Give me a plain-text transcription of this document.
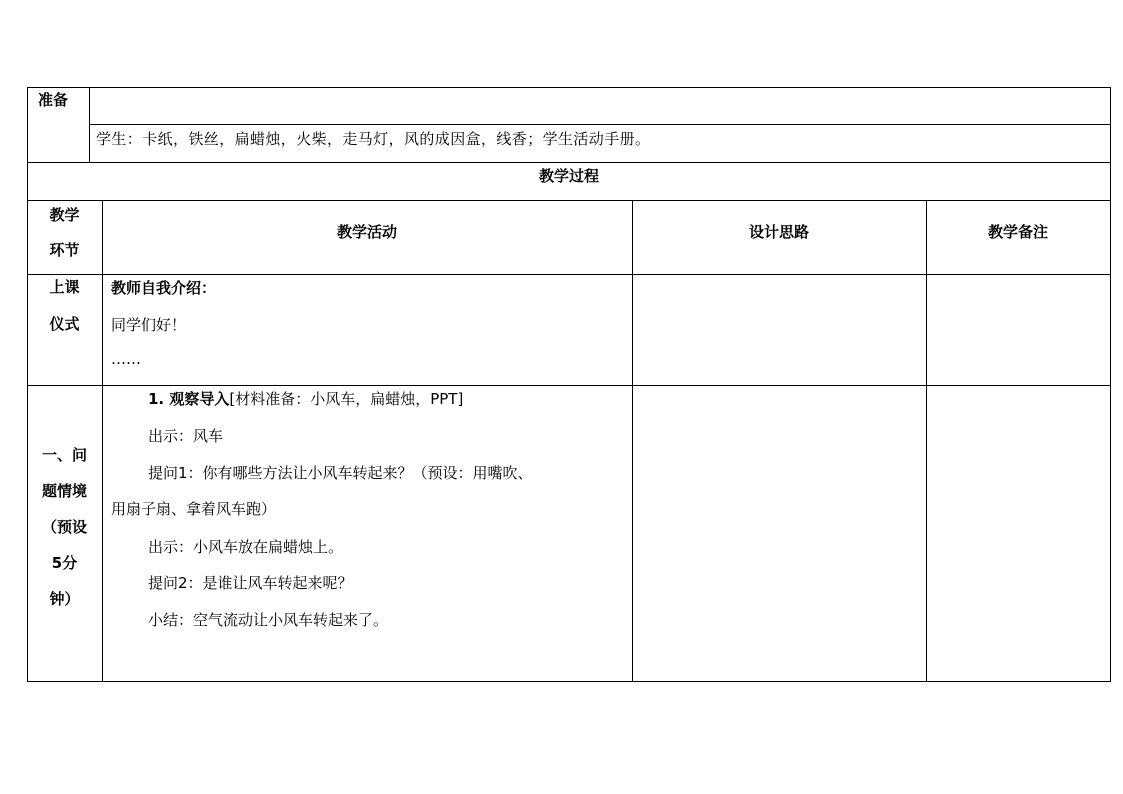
准备
学生：卡纸，铁丝，扁蜡烛，火柴，走马灯，风的成因盒，线香；学生活动手册。
教学过程
教学
环节
教学活动	设计思路	教学备注
上课
仪式
教师自我介绍：
同学们好！
……
一、问
题情境
（预设
5分
钟）
1. 观察导入[材料准备：小风车，扁蜡烛，PPT]
出示：风车
提问1：你有哪些方法让小风车转起来？（预设：用嘴吹、
用扇子扇、拿着风车跑）
出示：小风车放在扁蜡烛上。
提问2：是谁让风车转起来呢？
小结：空气流动让小风车转起来了。
